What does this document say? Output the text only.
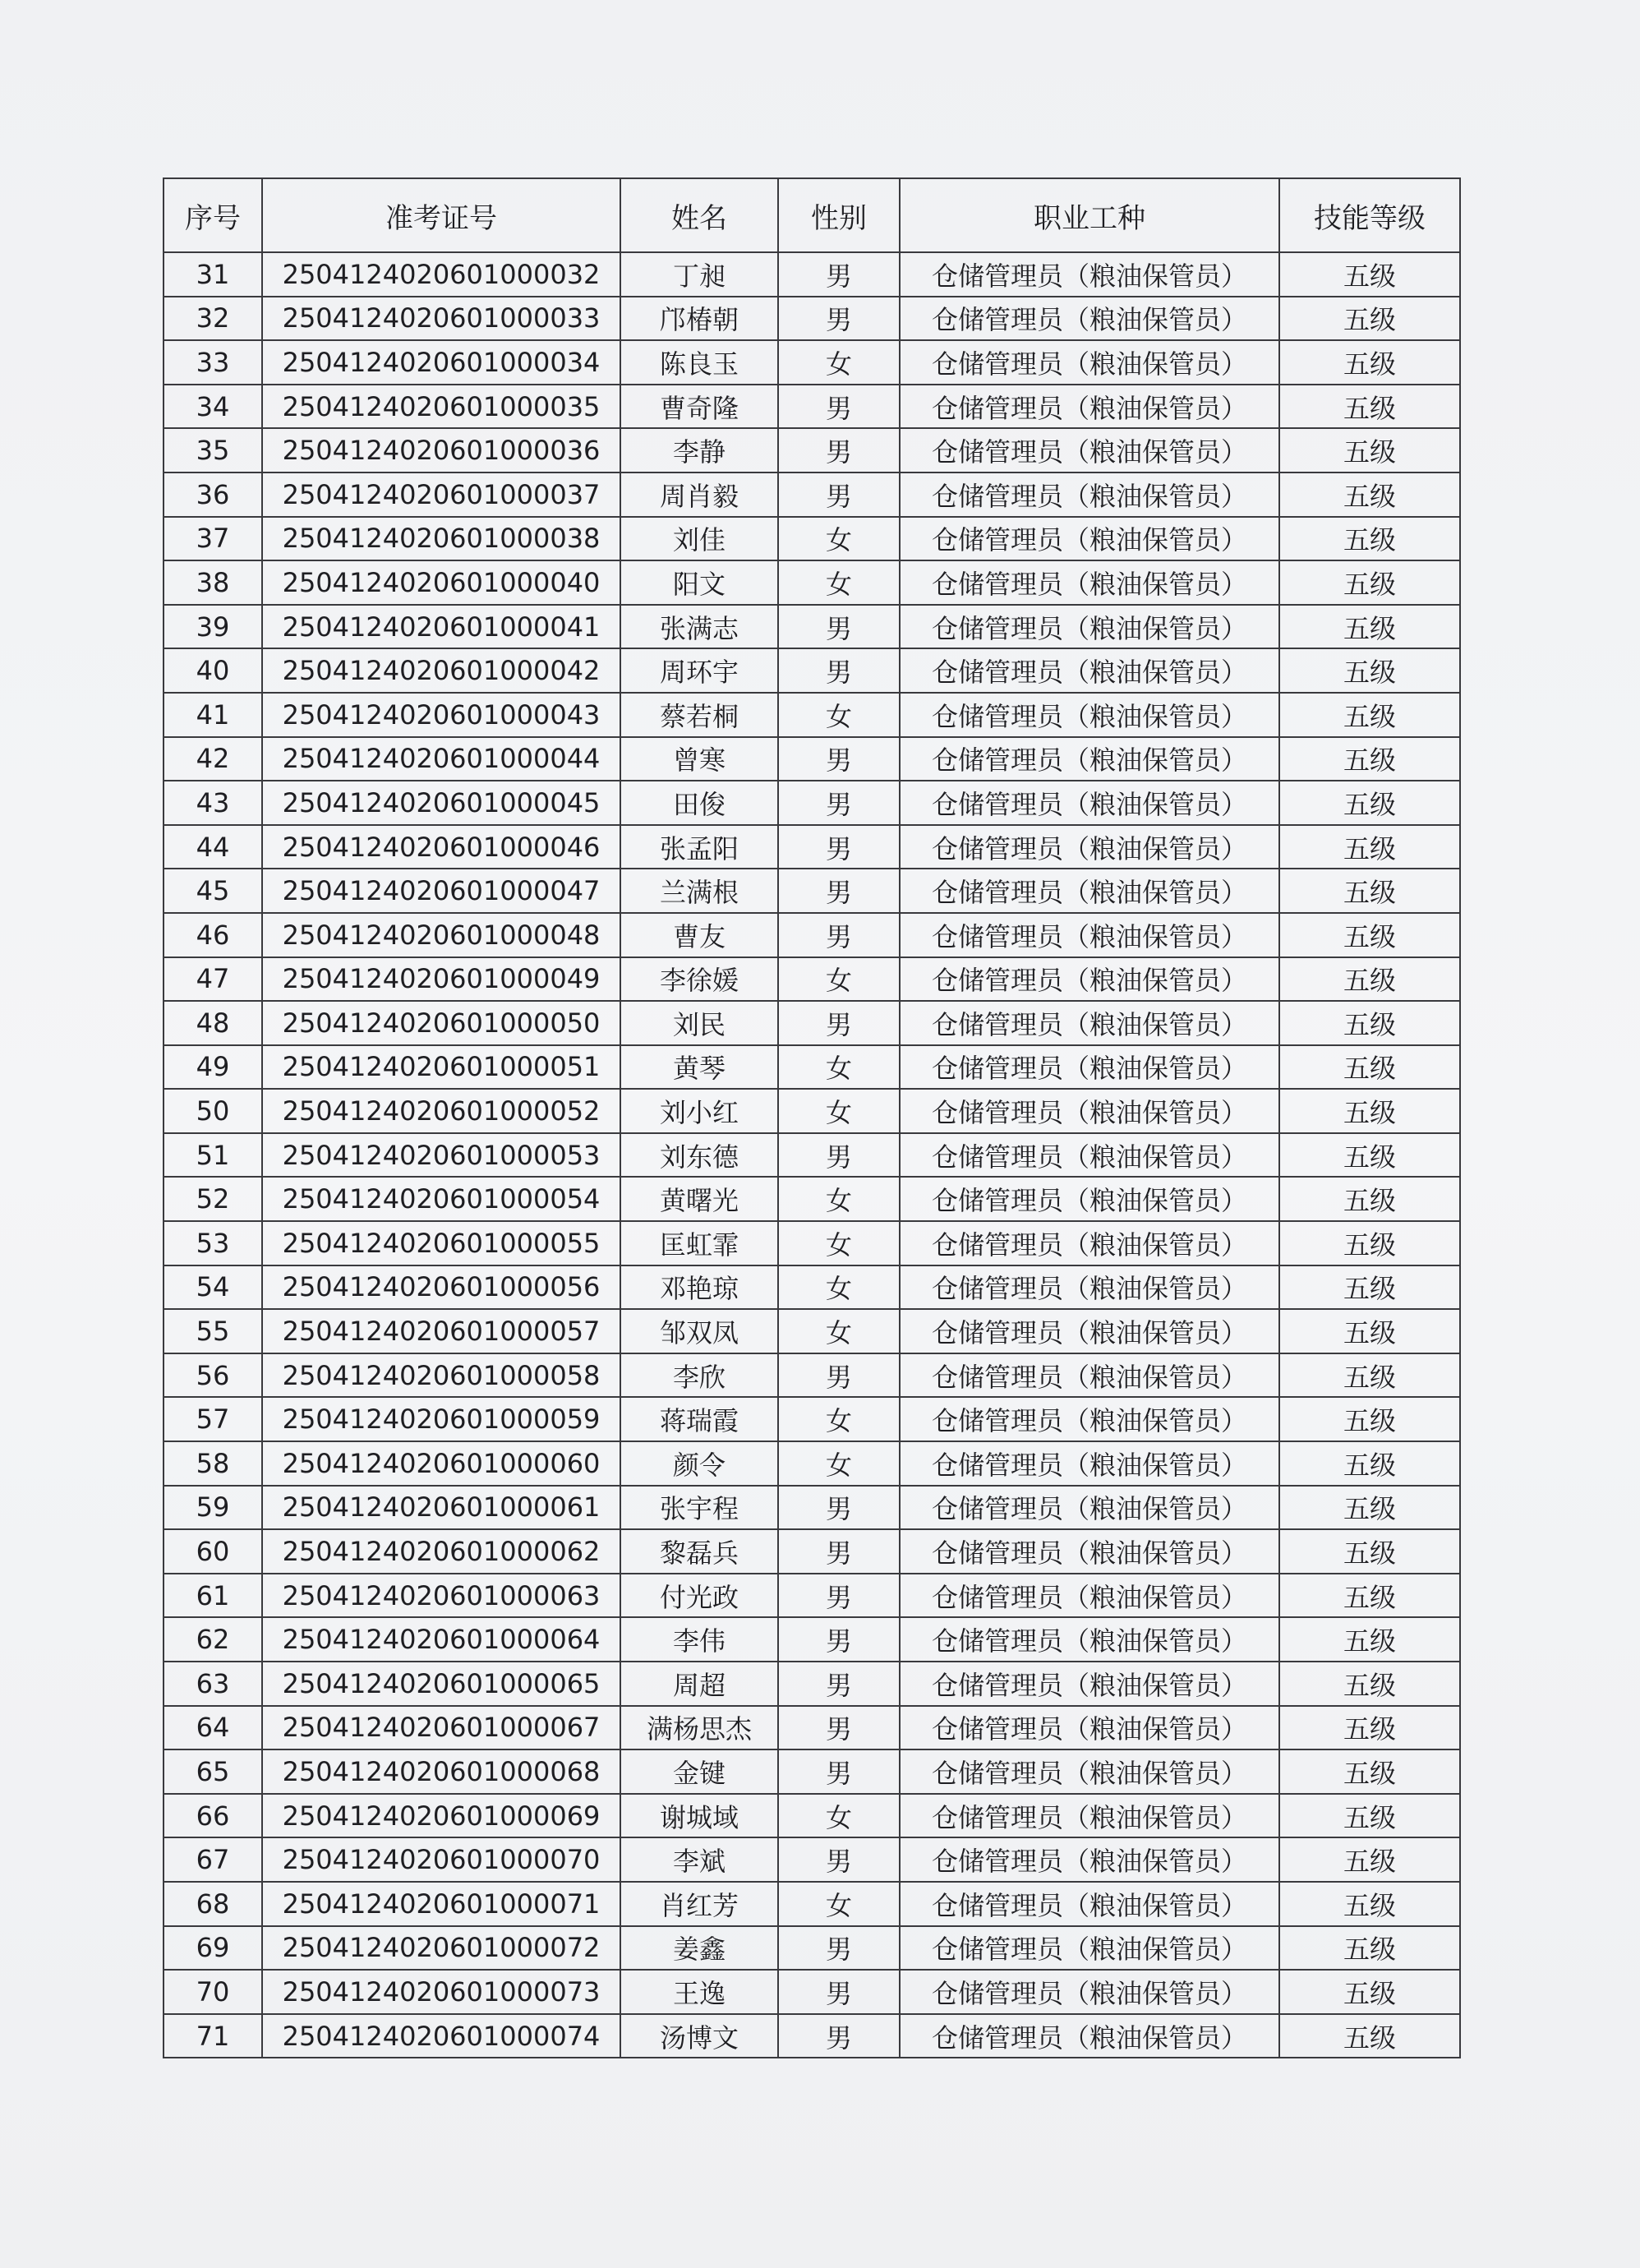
序号	准考证号	姓名	性别	职业工种	技能等级
31	2504124020601000032	丁昶	男	仓储管理员（粮油保管员）	五级
32	2504124020601000033	邝椿朝	男	仓储管理员（粮油保管员）	五级
33	2504124020601000034	陈良玉	女	仓储管理员（粮油保管员）	五级
34	2504124020601000035	曹奇隆	男	仓储管理员（粮油保管员）	五级
35	2504124020601000036	李静	男	仓储管理员（粮油保管员）	五级
36	2504124020601000037	周肖毅	男	仓储管理员（粮油保管员）	五级
37	2504124020601000038	刘佳	女	仓储管理员（粮油保管员）	五级
38	2504124020601000040	阳文	女	仓储管理员（粮油保管员）	五级
39	2504124020601000041	张满志	男	仓储管理员（粮油保管员）	五级
40	2504124020601000042	周环宇	男	仓储管理员（粮油保管员）	五级
41	2504124020601000043	蔡若桐	女	仓储管理员（粮油保管员）	五级
42	2504124020601000044	曾寒	男	仓储管理员（粮油保管员）	五级
43	2504124020601000045	田俊	男	仓储管理员（粮油保管员）	五级
44	2504124020601000046	张孟阳	男	仓储管理员（粮油保管员）	五级
45	2504124020601000047	兰满根	男	仓储管理员（粮油保管员）	五级
46	2504124020601000048	曹友	男	仓储管理员（粮油保管员）	五级
47	2504124020601000049	李徐媛	女	仓储管理员（粮油保管员）	五级
48	2504124020601000050	刘民	男	仓储管理员（粮油保管员）	五级
49	2504124020601000051	黄琴	女	仓储管理员（粮油保管员）	五级
50	2504124020601000052	刘小红	女	仓储管理员（粮油保管员）	五级
51	2504124020601000053	刘东德	男	仓储管理员（粮油保管员）	五级
52	2504124020601000054	黄曙光	女	仓储管理员（粮油保管员）	五级
53	2504124020601000055	匡虹霏	女	仓储管理员（粮油保管员）	五级
54	2504124020601000056	邓艳琼	女	仓储管理员（粮油保管员）	五级
55	2504124020601000057	邹双凤	女	仓储管理员（粮油保管员）	五级
56	2504124020601000058	李欣	男	仓储管理员（粮油保管员）	五级
57	2504124020601000059	蒋瑞霞	女	仓储管理员（粮油保管员）	五级
58	2504124020601000060	颜令	女	仓储管理员（粮油保管员）	五级
59	2504124020601000061	张宇程	男	仓储管理员（粮油保管员）	五级
60	2504124020601000062	黎磊兵	男	仓储管理员（粮油保管员）	五级
61	2504124020601000063	付光政	男	仓储管理员（粮油保管员）	五级
62	2504124020601000064	李伟	男	仓储管理员（粮油保管员）	五级
63	2504124020601000065	周超	男	仓储管理员（粮油保管员）	五级
64	2504124020601000067	满杨思杰	男	仓储管理员（粮油保管员）	五级
65	2504124020601000068	金键	男	仓储管理员（粮油保管员）	五级
66	2504124020601000069	谢城域	女	仓储管理员（粮油保管员）	五级
67	2504124020601000070	李斌	男	仓储管理员（粮油保管员）	五级
68	2504124020601000071	肖红芳	女	仓储管理员（粮油保管员）	五级
69	2504124020601000072	姜鑫	男	仓储管理员（粮油保管员）	五级
70	2504124020601000073	王逸	男	仓储管理员（粮油保管员）	五级
71	2504124020601000074	汤博文	男	仓储管理员（粮油保管员）	五级
